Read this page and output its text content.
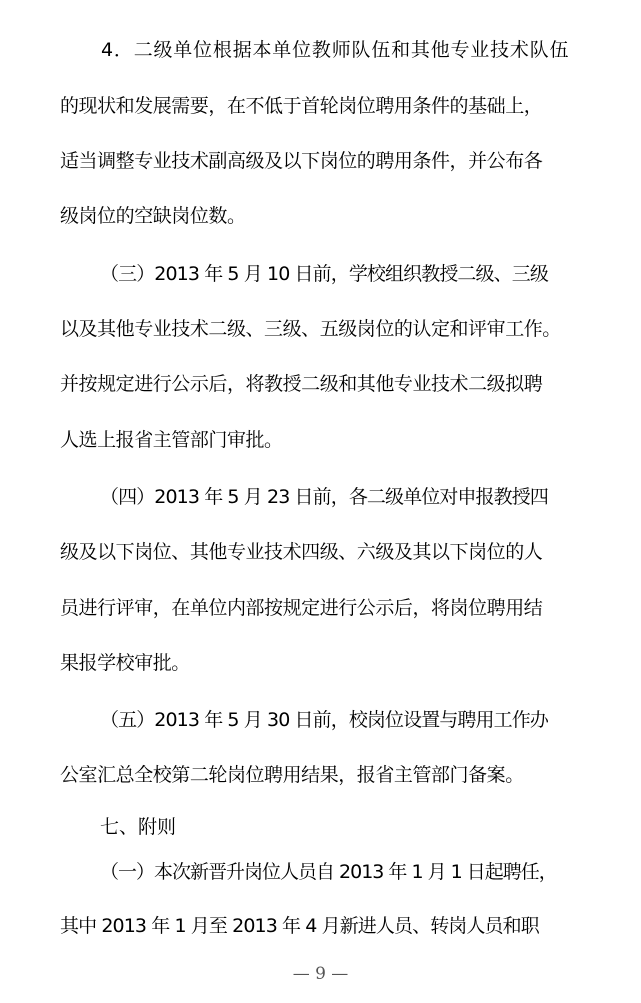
4．二级单位根据本单位教师队伍和其他专业技术队伍
的现状和发展需要，在不低于首轮岗位聘用条件的基础上，
适当调整专业技术副高级及以下岗位的聘用条件，并公布各
级岗位的空缺岗位数。
（三）2013 年 5 月 10 日前，学校组织教授二级、三级
以及其他专业技术二级、三级、五级岗位的认定和评审工作。
并按规定进行公示后，将教授二级和其他专业技术二级拟聘
人选上报省主管部门审批。
（四）2013 年 5 月 23 日前，各二级单位对申报教授四
级及以下岗位、其他专业技术四级、六级及其以下岗位的人
员进行评审，在单位内部按规定进行公示后，将岗位聘用结
果报学校审批。
（五）2013 年 5 月 30 日前，校岗位设置与聘用工作办
公室汇总全校第二轮岗位聘用结果，报省主管部门备案。
七、附则
（一）本次新晋升岗位人员自 2013 年 1 月 1 日起聘任，
其中 2013 年 1 月至 2013 年 4 月新进人员、转岗人员和职
— 9 —
